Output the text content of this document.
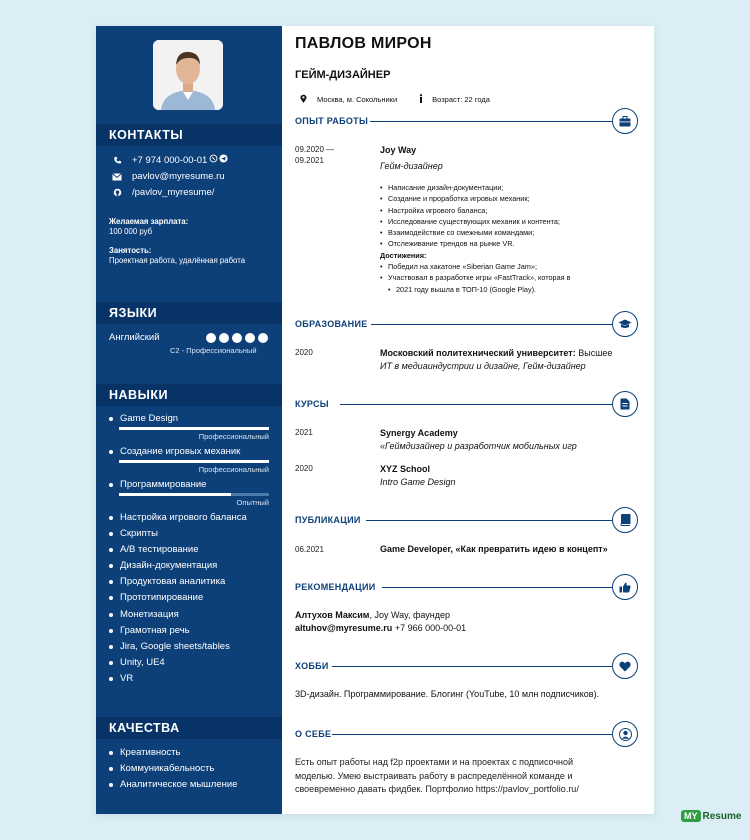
КОНТАКТЫ
+7 974 000-00-01
pavlov@myresume.ru
/pavlov_myresume/
Желаемая зарплата:
100 000 руб
Занятость:
Проектная работа, удалённая работа
ЯЗЫКИ
Английский
C2 - Профессиональный
НАВЫКИ
Game Design
Профессиональный
Создание игровых механик
Профессиональный
Программирование
Опытный
Настройка игрового баланса
Скрипты
A/B тестирование
Дизайн-документация
Продуктовая аналитика
Прототипирование
Монетизация
Грамотная речь
Jira, Google sheets/tables
Unity, UE4
VR
КАЧЕСТВА
Креативность
Коммуникабельность
Аналитическое мышление
ПАВЛОВ МИРОН
ГЕЙМ-ДИЗАЙНЕР
Москва, м. Сокольники	Возраст: 22 года
ОПЫТ РАБОТЫ
09.2020 —
09.2021
Joy Way
Гейм-дизайнер
• Написание дизайн-документации;
• Создание и проработка игровых механик;
• Настройка игрового баланса;
• Исследование существующих механик и контента;
• Взаимодействие со смежными командами;
• Отслеживание трендов на рынке VR.
Достижения:
• Победил на хакатоне «Siberian Game Jam»;
• Участвовал в разработке игры «FastTrack», которая в
• 2021 году вышла в ТОП-10 (Google Play).
ОБРАЗОВАНИЕ
2020	Московский политехнический университет: Высшее
ИТ в медиаиндустрии и дизайне, Гейм-дизайнер
КУРСЫ
2021	Synergy Academy
«Геймдизайнер и разработчик мобильных игр
2020	XYZ School
Intro Game Design
ПУБЛИКАЦИИ
06.2021	Game Developer, «Как превратить идею в концепт»
РЕКОМЕНДАЦИИ
Алтухов Максим, Joy Way, фаундер
altuhov@myresume.ru +7 966 000-00-01
ХОББИ
3D-дизайн. Программирование. Блогинг (YouTube, 10 млн подписчиков).
О СЕБЕ
Есть опыт работы над f2p проектами и на проектах с подписочной
моделью. Умею выстраивать работу в распределённой команде и
своевременно давать фидбек. Портфолио https://pavlov_portfolio.ru/
MY Resume
